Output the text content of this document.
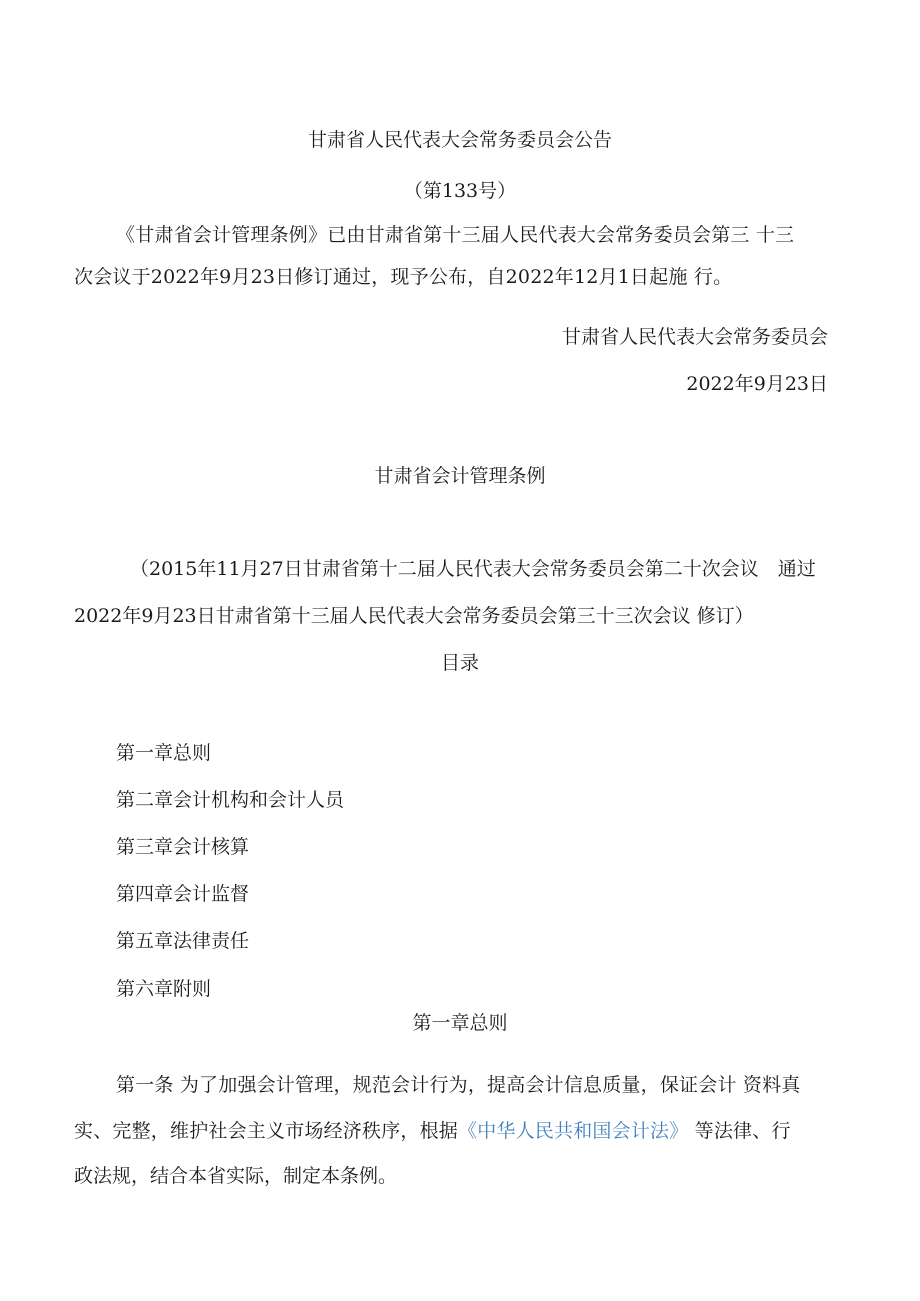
甘肃省人民代表大会常务委员会公告
（第133号）
《甘肃省会计管理条例》已由甘肃省第十三届人民代表大会常务委员会第三 十三
次会议于2022年9月23日修订通过，现予公布，自2022年12月1日起施 行。
甘肃省人民代表大会常务委员会
2022年9月23日
甘肃省会计管理条例
（2015年11月27日甘肃省第十二届人民代表大会常务委员会第二十次会议　通过
2022年9月23日甘肃省第十三届人民代表大会常务委员会第三十三次会议 修订）
目录
第一章总则
第二章会计机构和会计人员
第三章会计核算
第四章会计监督
第五章法律责任
第六章附则
第一章总则
第一条 为了加强会计管理，规范会计行为，提高会计信息质量，保证会计 资料真
实、完整，维护社会主义市场经济秩序，根据《中华人民共和国会计法》 等法律、行
政法规，结合本省实际，制定本条例。
